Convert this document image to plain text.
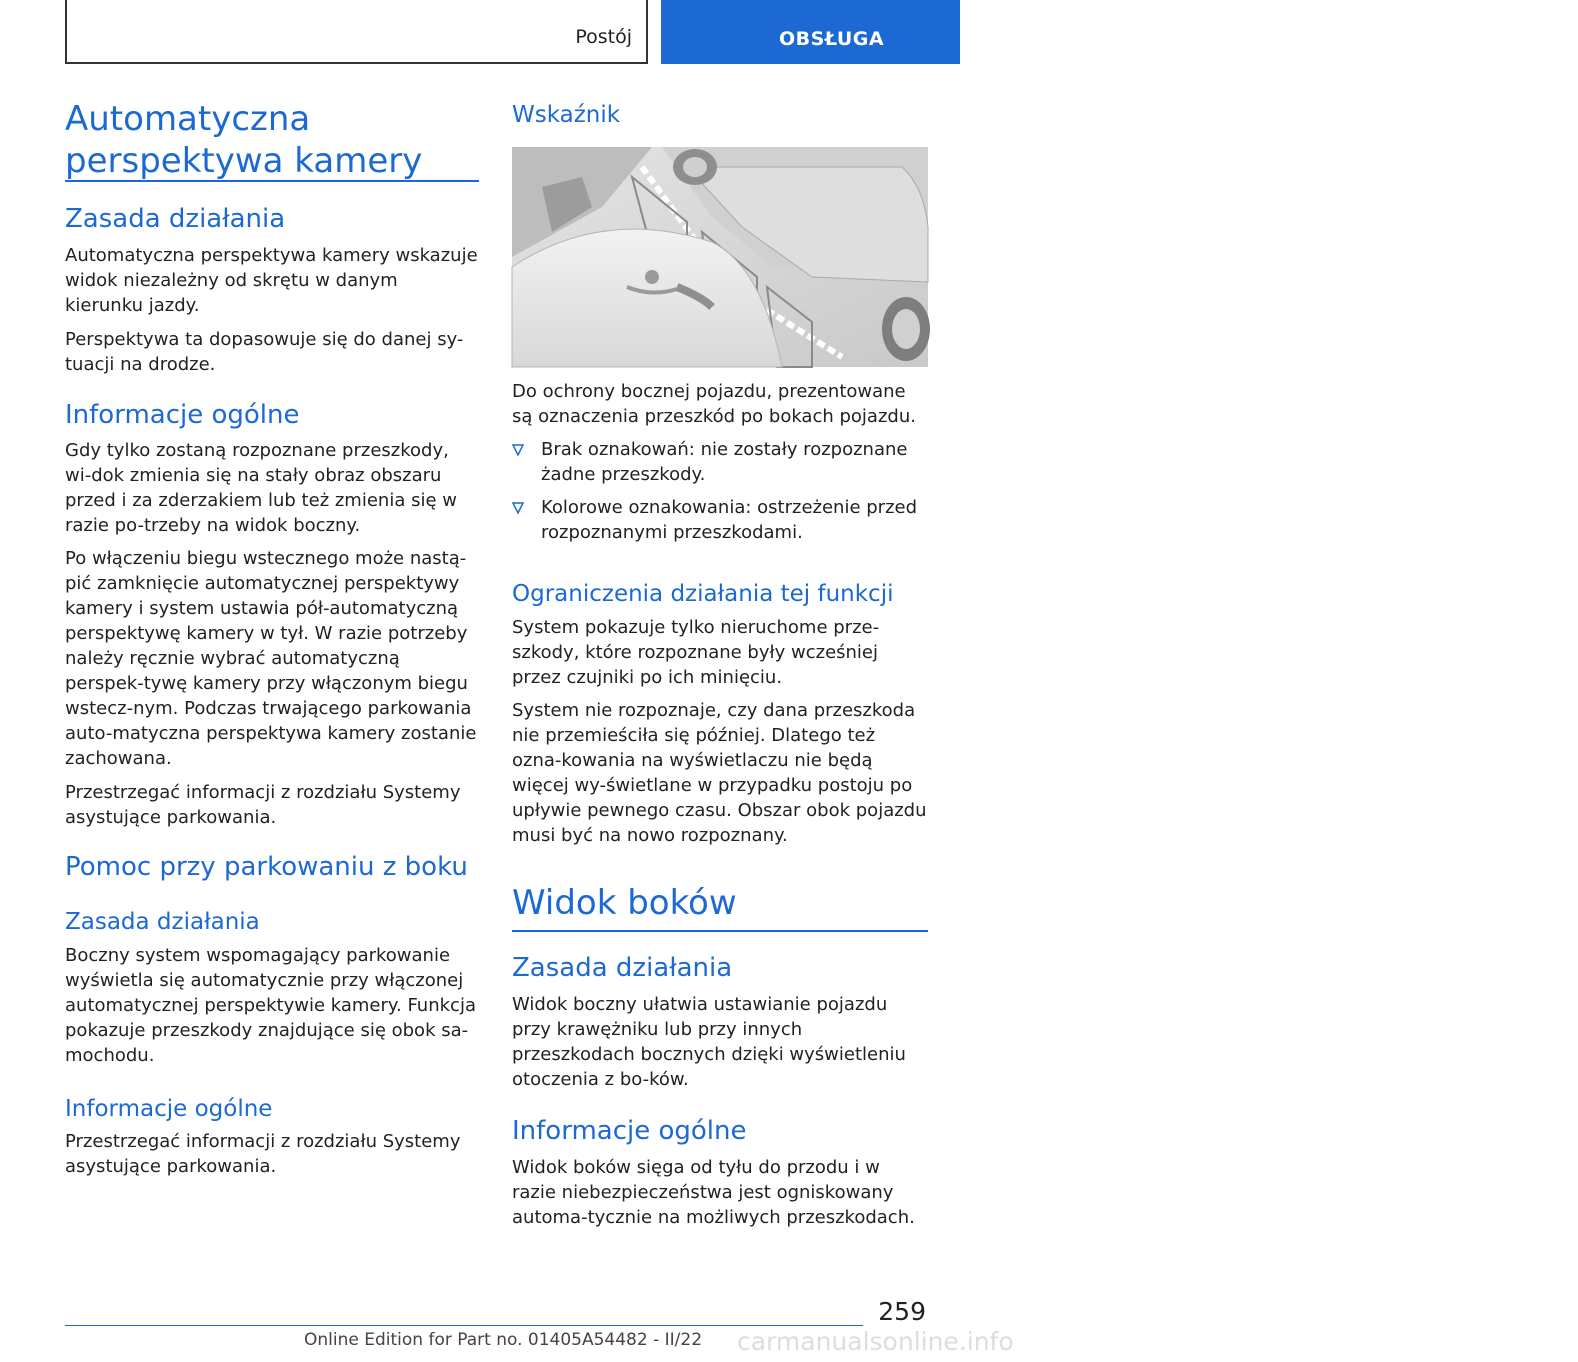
Postój	OBSŁUGA
Automatyczna perspektywa kamery
Zasada działania

Automatyczna perspektywa kamery wskazuje widok niezależny od skrętu w danym kierunku jazdy.

Perspektywa ta dopasowuje się do danej sy-tuacji na drodze.

Informacje ogólne

Gdy tylko zostaną rozpoznane przeszkody, wi-dok zmienia się na stały obraz obszaru przed i za zderzakiem lub też zmienia się w razie po-trzeby na widok boczny.

Po włączeniu biegu wstecznego może nastą-pić zamknięcie automatycznej perspektywy kamery i system ustawia pół-automatyczną perspektywę kamery w tył. W razie potrzeby należy ręcznie wybrać automatyczną perspek-tywę kamery przy włączonym biegu wstecz-nym. Podczas trwającego parkowania auto-matyczna perspektywa kamery zostanie zachowana.

Przestrzegać informacji z rozdziału Systemy asystujące parkowania.

Pomoc przy parkowaniu z boku
Zasada działania

Boczny system wspomagający parkowanie wyświetla się automatycznie przy włączonej automatycznej perspektywie kamery. Funkcja pokazuje przeszkody znajdujące się obok sa-mochodu.

Informacje ogólne

Przestrzegać informacji z rozdziału Systemy asystujące parkowania.

Wskaźnik

Do ochrony bocznej pojazdu, prezentowane są oznaczenia przeszkód po bokach pojazdu.

Brak oznakowań: nie zostały rozpoznane żadne przeszkody.
Kolorowe oznakowania: ostrzeżenie przed rozpoznanymi przeszkodami.
Ograniczenia działania tej funkcji

System pokazuje tylko nieruchome prze-szkody, które rozpoznane były wcześniej przez czujniki po ich minięciu.

System nie rozpoznaje, czy dana przeszkoda nie przemieściła się później. Dlatego też ozna-kowania na wyświetlaczu nie będą więcej wy-świetlane w przypadku postoju po upływie pewnego czasu. Obszar obok pojazdu musi być na nowo rozpoznany.

Widok boków
Zasada działania

Widok boczny ułatwia ustawianie pojazdu przy krawężniku lub przy innych przeszkodach bocznych dzięki wyświetleniu otoczenia z bo-ków.

Informacje ogólne

Widok boków sięga od tyłu do przodu i w razie niebezpieczeństwa jest ogniskowany automa-tycznie na możliwych przeszkodach.

259
Online Edition for Part no. 01405A54482 - II/22 carmanualsonline.info
